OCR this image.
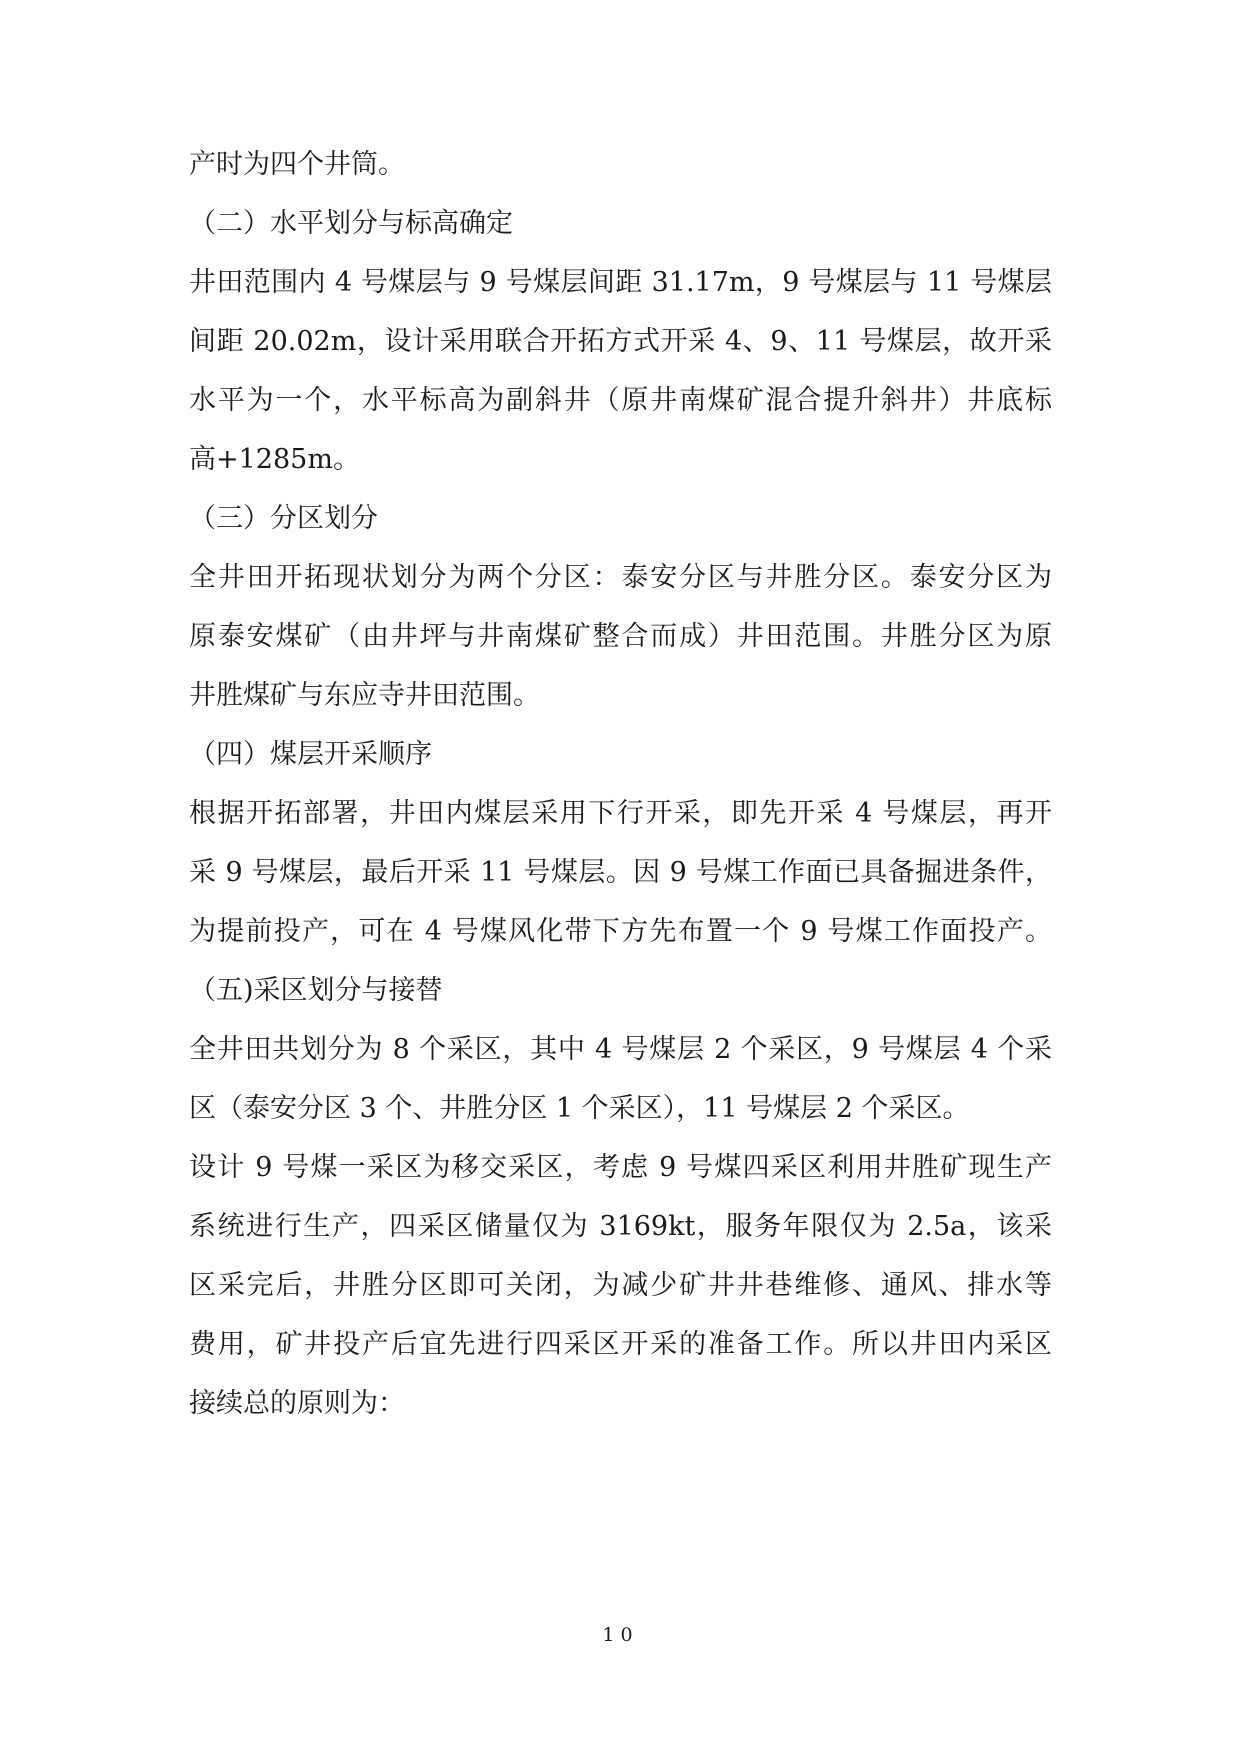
产时为四个井筒。
（二）水平划分与标高确定
井田范围内 4 号煤层与 9 号煤层间距 31.17m，9 号煤层与 11 号煤层
间距 20.02m，设计采用联合开拓方式开采 4、9、11 号煤层，故开采
水平为一个，水平标高为副斜井（原井南煤矿混合提升斜井）井底标
高+1285m。
（三）分区划分
全井田开拓现状划分为两个分区：泰安分区与井胜分区。泰安分区为
原泰安煤矿（由井坪与井南煤矿整合而成）井田范围。井胜分区为原
井胜煤矿与东应寺井田范围。
（四）煤层开采顺序
根据开拓部署，井田内煤层采用下行开采，即先开采 4 号煤层，再开
采 9 号煤层，最后开采 11 号煤层。因 9 号煤工作面已具备掘进条件，
为提前投产，可在 4 号煤风化带下方先布置一个 9 号煤工作面投产。
（五)采区划分与接替
全井田共划分为 8 个采区，其中 4 号煤层 2 个采区，9 号煤层 4 个采
区（泰安分区 3 个、井胜分区 1 个采区），11 号煤层 2 个采区。
设计 9 号煤一采区为移交采区，考虑 9 号煤四采区利用井胜矿现生产
系统进行生产，四采区储量仅为 3169kt，服务年限仅为 2.5a，该采
区采完后，井胜分区即可关闭，为减少矿井井巷维修、通风、排水等
费用，矿井投产后宜先进行四采区开采的准备工作。所以井田内采区
接续总的原则为：
10
